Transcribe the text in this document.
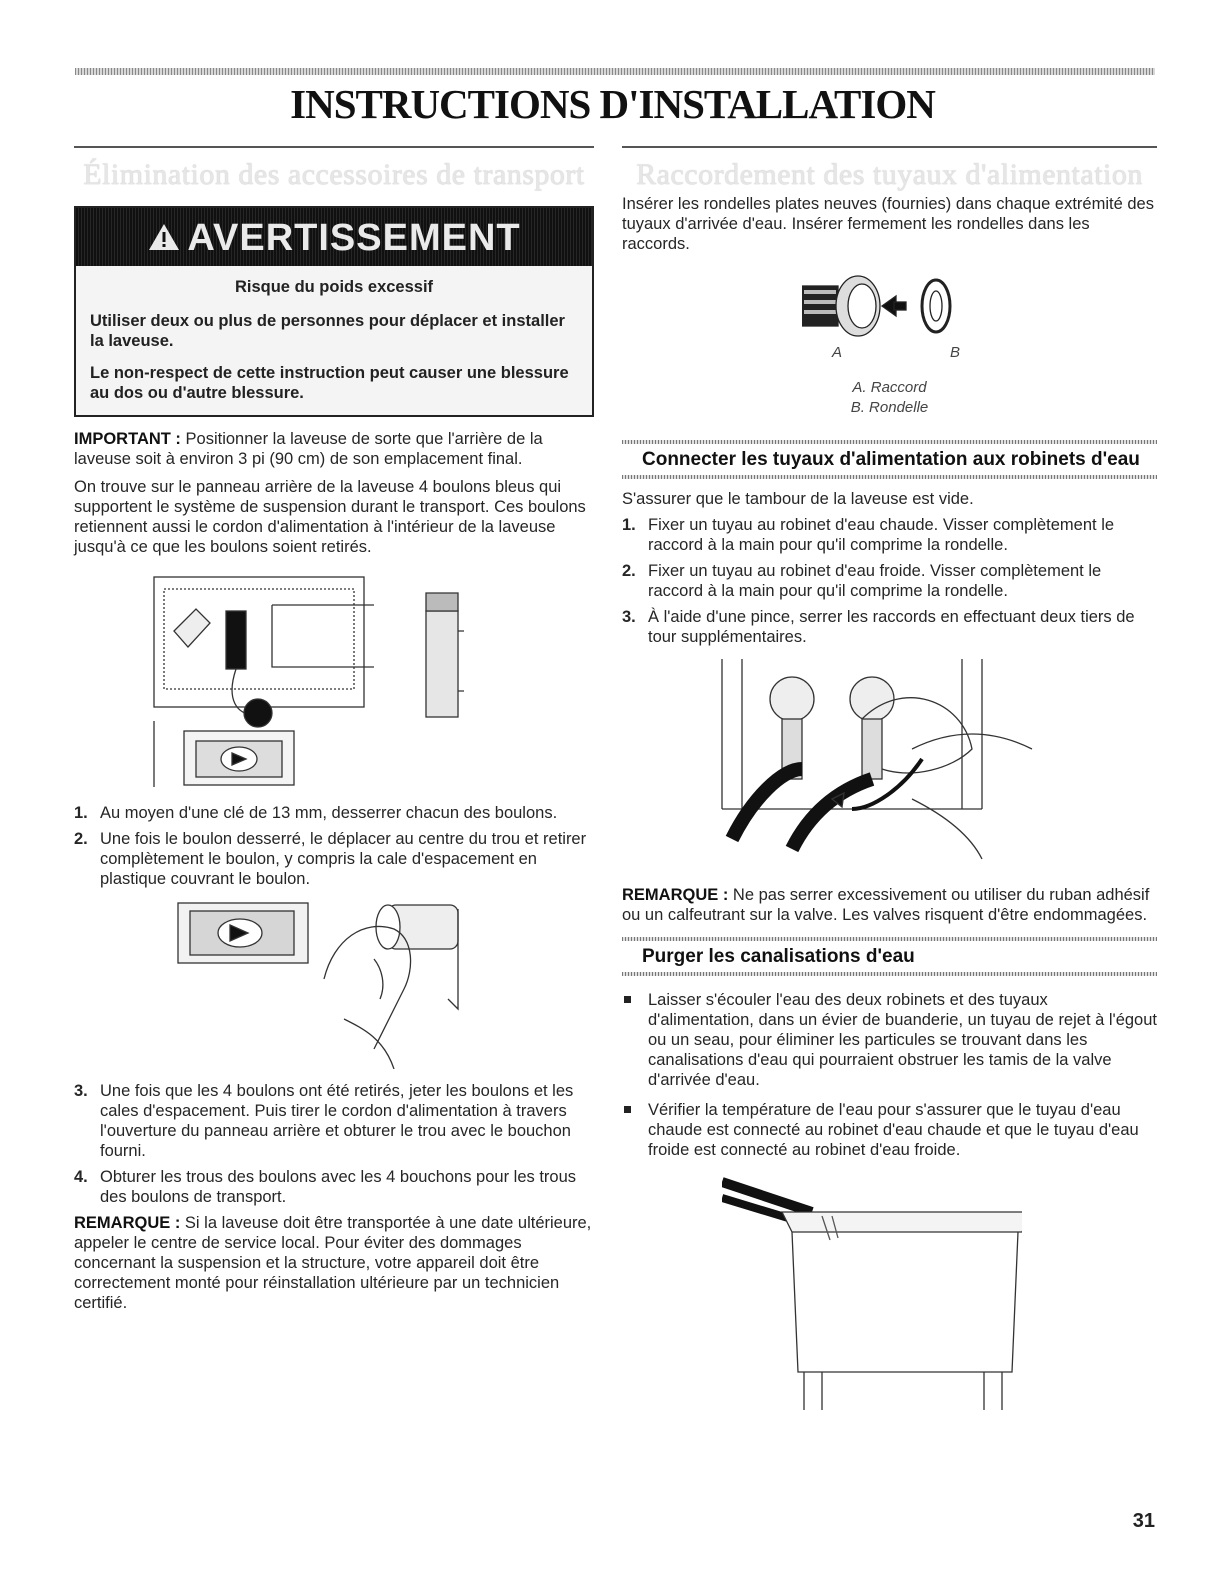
INSTRUCTIONS D'INSTALLATION
Élimination des accessoires de transport
AVERTISSEMENT
Risque du poids excessif
Utiliser deux ou plus de personnes pour déplacer et installer la laveuse.
Le non-respect de cette instruction peut causer une blessure au dos ou d'autre blessure.
IMPORTANT : Positionner la laveuse de sorte que l'arrière de la laveuse soit à environ 3 pi (90 cm) de son emplacement final.
On trouve sur le panneau arrière de la laveuse 4 boulons bleus qui supportent le système de suspension durant le transport. Ces boulons retiennent aussi le cordon d'alimentation à l'intérieur de la laveuse jusqu'à ce que les boulons soient retirés.
1. Au moyen d'une clé de 13 mm, desserrer chacun des boulons.
2. Une fois le boulon desserré, le déplacer au centre du trou et retirer complètement le boulon, y compris la cale d'espacement en plastique couvrant le boulon.
3. Une fois que les 4 boulons ont été retirés, jeter les boulons et les cales d'espacement. Puis tirer le cordon d'alimentation à travers l'ouverture du panneau arrière et obturer le trou avec le bouchon fourni.
4. Obturer les trous des boulons avec les 4 bouchons pour les trous des boulons de transport.
REMARQUE : Si la laveuse doit être transportée à une date ultérieure, appeler le centre de service local. Pour éviter des dommages concernant la suspension et la structure, votre appareil doit être correctement monté pour réinstallation ultérieure par un technicien certifié.
Raccordement des tuyaux d'alimentation
Insérer les rondelles plates neuves (fournies) dans chaque extrémité des tuyaux d'arrivée d'eau. Insérer fermement les rondelles dans les raccords.
A	B
A. Raccord
B. Rondelle
Connecter les tuyaux d'alimentation aux robinets d'eau
S'assurer que le tambour de la laveuse est vide.
1. Fixer un tuyau au robinet d'eau chaude. Visser complètement le raccord à la main pour qu'il comprime la rondelle.
2. Fixer un tuyau au robinet d'eau froide. Visser complètement le raccord à la main pour qu'il comprime la rondelle.
3. À l'aide d'une pince, serrer les raccords en effectuant deux tiers de tour supplémentaires.
REMARQUE : Ne pas serrer excessivement ou utiliser du ruban adhésif ou un calfeutrant sur la valve. Les valves risquent d'être endommagées.
Purger les canalisations d'eau
Laisser s'écouler l'eau des deux robinets et des tuyaux d'alimentation, dans un évier de buanderie, un tuyau de rejet à l'égout ou un seau, pour éliminer les particules se trouvant dans les canalisations d'eau qui pourraient obstruer les tamis de la valve d'arrivée d'eau.
Vérifier la température de l'eau pour s'assurer que le tuyau d'eau chaude est connecté au robinet d'eau chaude et que le tuyau d'eau froide est connecté au robinet d'eau froide.
31
